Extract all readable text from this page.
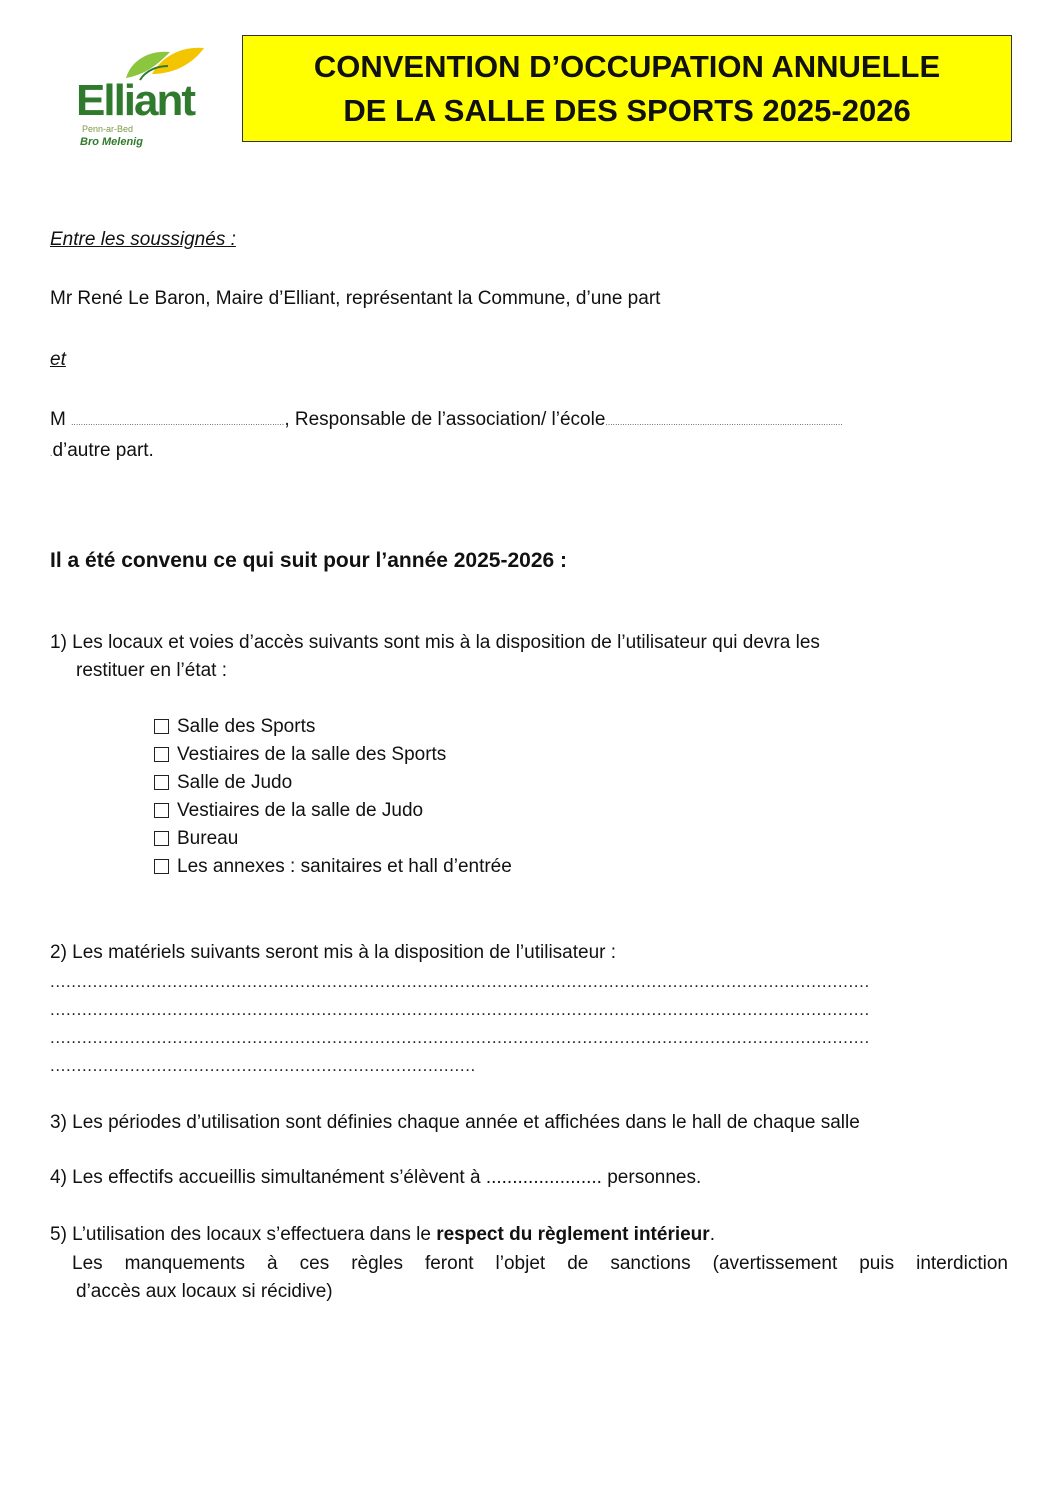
Elliant
Penn-ar-Bed
Bro Melenig
CONVENTION D’OCCUPATION ANNUELLE
DE LA SALLE DES SPORTS 2025-2026
Entre les soussignés :
Mr René Le Baron, Maire d’Elliant, représentant la Commune, d’une part
et
M ........................................................................................, Responsable de l’association/ l’école..................................................................................................
.d’autre part.
Il a été convenu ce qui suit pour l’année 2025-2026 :
1) Les locaux et voies d’accès suivants sont mis à la disposition de l’utilisateur qui devra les
restituer en l’état :
Salle des Sports
Vestiaires de la salle des Sports
Salle de Judo
Vestiaires de la salle de Judo
Bureau
Les annexes : sanitaires et hall d’entrée
2) Les matériels suivants seront mis à la disposition de l’utilisateur :
..........................................................................................................................................................
..........................................................................................................................................................
..........................................................................................................................................................
................................................................................
3) Les périodes d’utilisation sont définies chaque année et affichées dans le hall de chaque salle
4) Les effectifs accueillis simultanément s’élèvent à ...................... personnes.
5) L’utilisation des locaux s’effectuera dans le respect du règlement intérieur.
Les manquements à ces règles feront l’objet de sanctions (avertissement puis interdiction
d’accès aux locaux si récidive)
